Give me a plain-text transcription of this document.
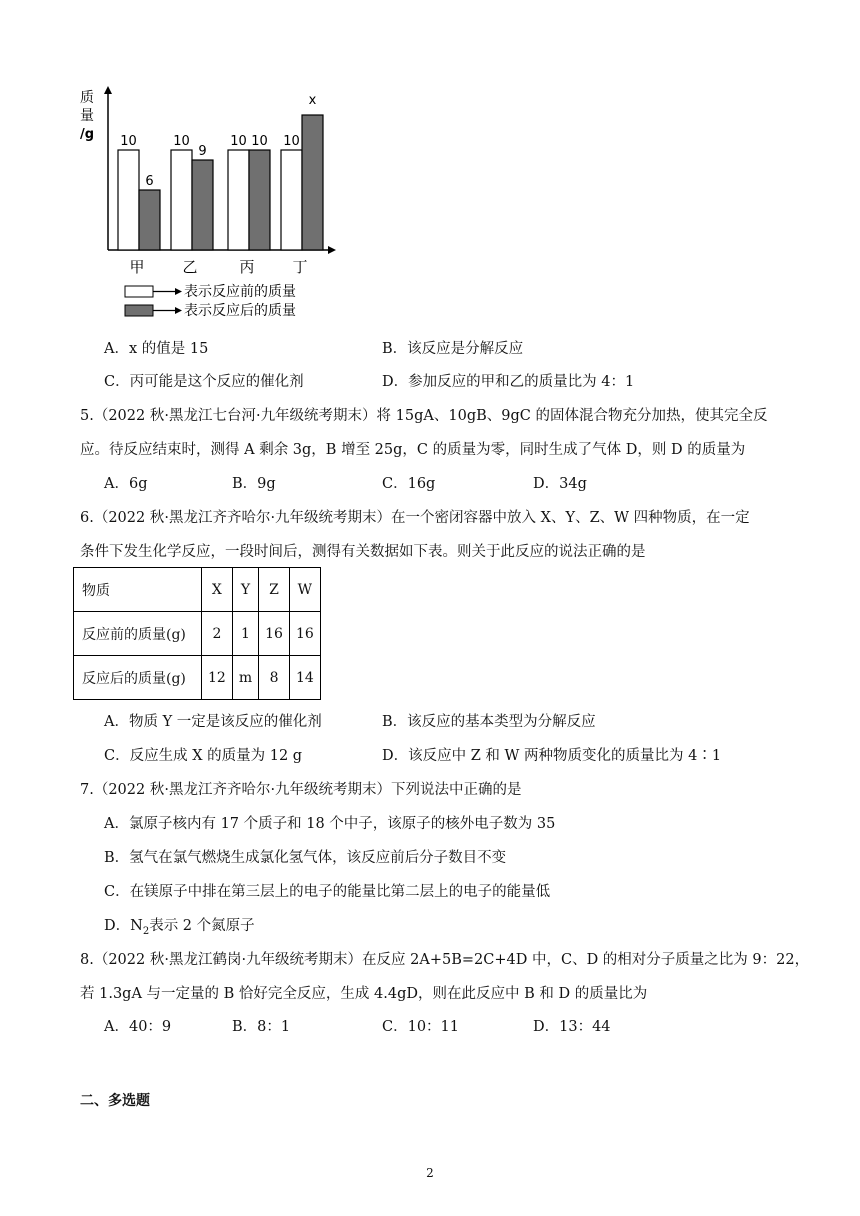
质
量
/g 10
6
甲
10
9
乙
10 10
丙
10
x
丁
表示反应前的质量
表示反应后的质量
A．x 的值是 15	B．该反应是分解反应
C．丙可能是这个反应的催化剂	D．参加反应的甲和乙的质量比为 4：1
5.（2022 秋·黑龙江七台河·九年级统考期末）将 15gA、10gB、9gC 的固体混合物充分加热，使其完全反
应。待反应结束时，测得 A 剩余 3g，B 增至 25g，C 的质量为零，同时生成了气体 D，则 D 的质量为
A．6g	B．9g	C．16g	D．34g
6.（2022 秋·黑龙江齐齐哈尔·九年级统考期末）在一个密闭容器中放入 X、Y、Z、W 四种物质，在一定
条件下发生化学反应，一段时间后，测得有关数据如下表。则关于此反应的说法正确的是
物质	X	Y	Z	W
反应前的质量(g)	2	1	16	16
反应后的质量(g)	12	m	8	14
A．物质 Y 一定是该反应的催化剂	B．该反应的基本类型为分解反应
C．反应生成 X 的质量为 12 g	D．该反应中 Z 和 W 两种物质变化的质量比为 4∶1
7.（2022 秋·黑龙江齐齐哈尔·九年级统考期末）下列说法中正确的是
A．氯原子核内有 17 个质子和 18 个中子，该原子的核外电子数为 35
B．氢气在氯气燃烧生成氯化氢气体，该反应前后分子数目不变
C．在镁原子中排在第三层上的电子的能量比第二层上的电子的能量低
D．$N_2$表示 2 个氮原子
8.（2022 秋·黑龙江鹤岗·九年级统考期末）在反应 2A+5B=2C+4D 中，C、D 的相对分子质量之比为 9：22，
若 1.3gA 与一定量的 B 恰好完全反应，生成 4.4gD，则在此反应中 B 和 D 的质量比为
A．40：9	B．8：1	C．10：11	D．13：44
二、多选题
2
